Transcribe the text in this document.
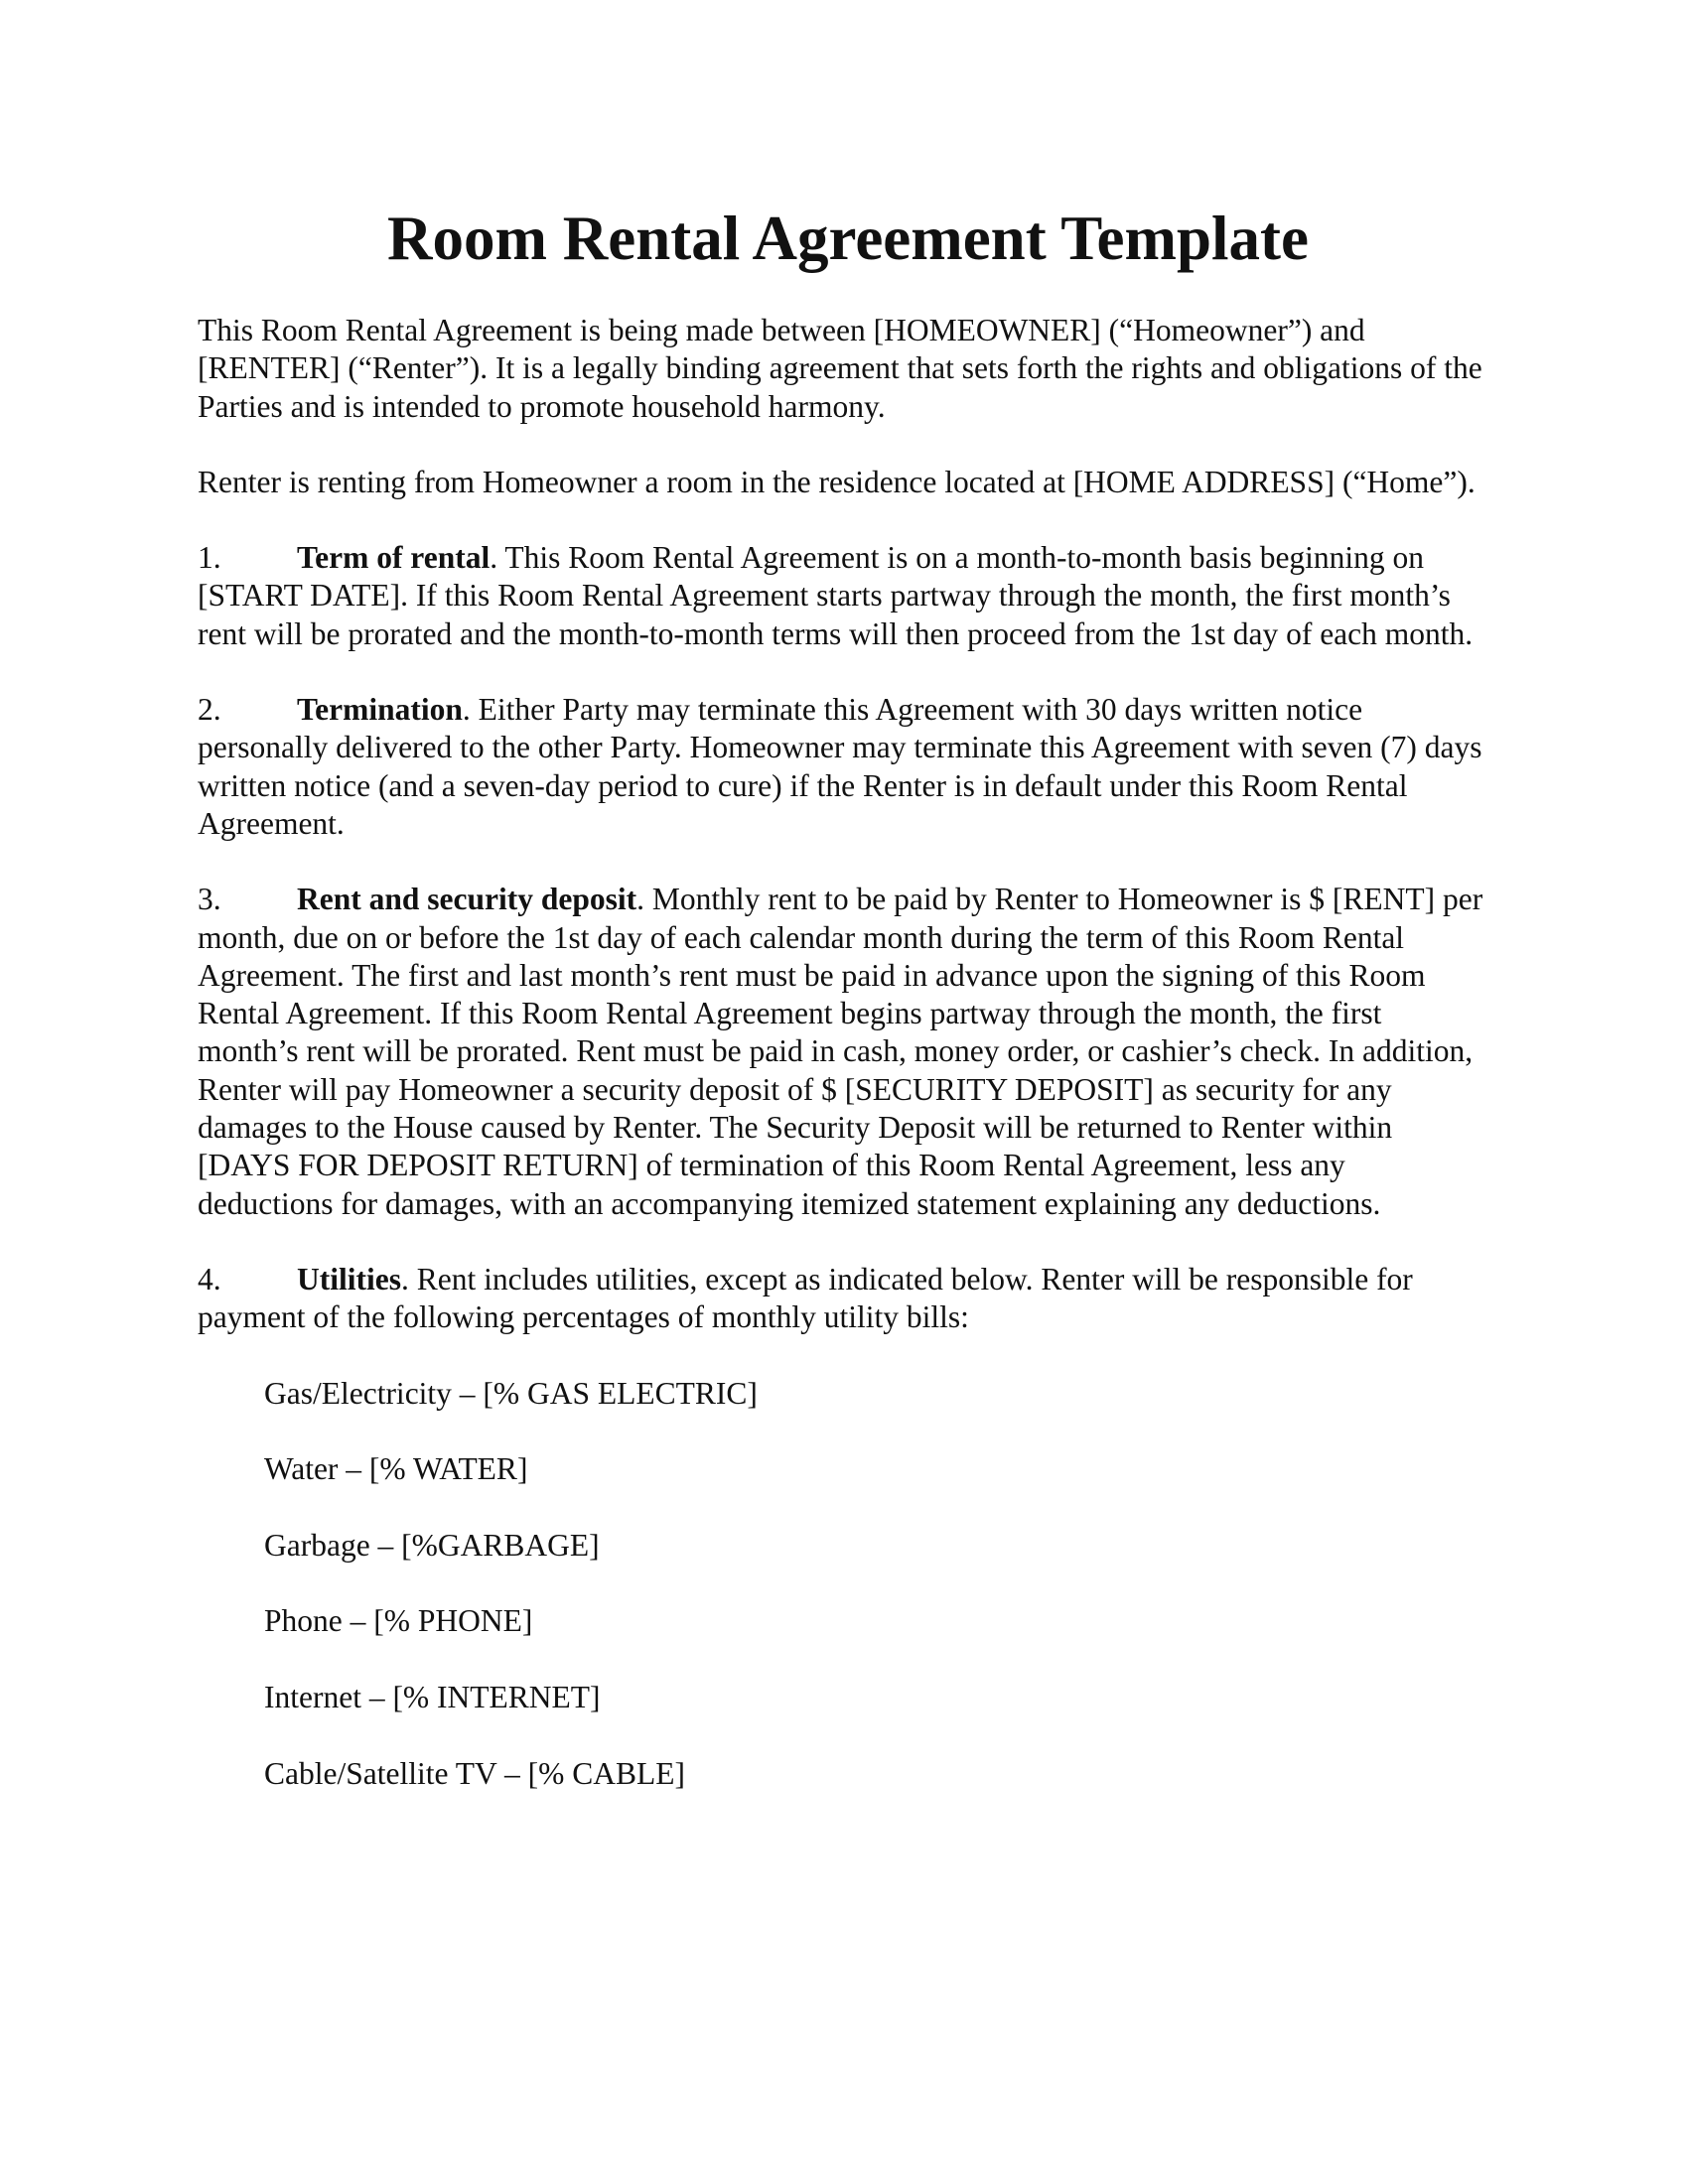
Room Rental Agreement Template

This Room Rental Agreement is being made between [HOMEOWNER] (“Homeowner”) and [RENTER] (“Renter”). It is a legally binding agreement that sets forth the rights and obligations of the Parties and is intended to promote household harmony.

Renter is renting from Homeowner a room in the residence located at [HOME ADDRESS] (“Home”).

1. Term of rental. This Room Rental Agreement is on a month-to-month basis beginning on [START DATE]. If this Room Rental Agreement starts partway through the month, the first month’s rent will be prorated and the month-to-month terms will then proceed from the 1st day of each month.

2. Termination. Either Party may terminate this Agreement with 30 days written notice personally delivered to the other Party. Homeowner may terminate this Agreement with seven (7) days written notice (and a seven-day period to cure) if the Renter is in default under this Room Rental Agreement.

3. Rent and security deposit. Monthly rent to be paid by Renter to Homeowner is $ [RENT] per month, due on or before the 1st day of each calendar month during the term of this Room Rental Agreement. The first and last month’s rent must be paid in advance upon the signing of this Room Rental Agreement. If this Room Rental Agreement begins partway through the month, the first month’s rent will be prorated. Rent must be paid in cash, money order, or cashier’s check. In addition, Renter will pay Homeowner a security deposit of $ [SECURITY DEPOSIT] as security for any damages to the House caused by Renter. The Security Deposit will be returned to Renter within [DAYS FOR DEPOSIT RETURN] of termination of this Room Rental Agreement, less any deductions for damages, with an accompanying itemized statement explaining any deductions.

4. Utilities. Rent includes utilities, except as indicated below. Renter will be responsible for payment of the following percentages of monthly utility bills:

Gas/Electricity – [% GAS ELECTRIC]

Water – [% WATER]

Garbage – [%GARBAGE]

Phone – [% PHONE]

Internet – [% INTERNET]

Cable/Satellite TV – [% CABLE]
